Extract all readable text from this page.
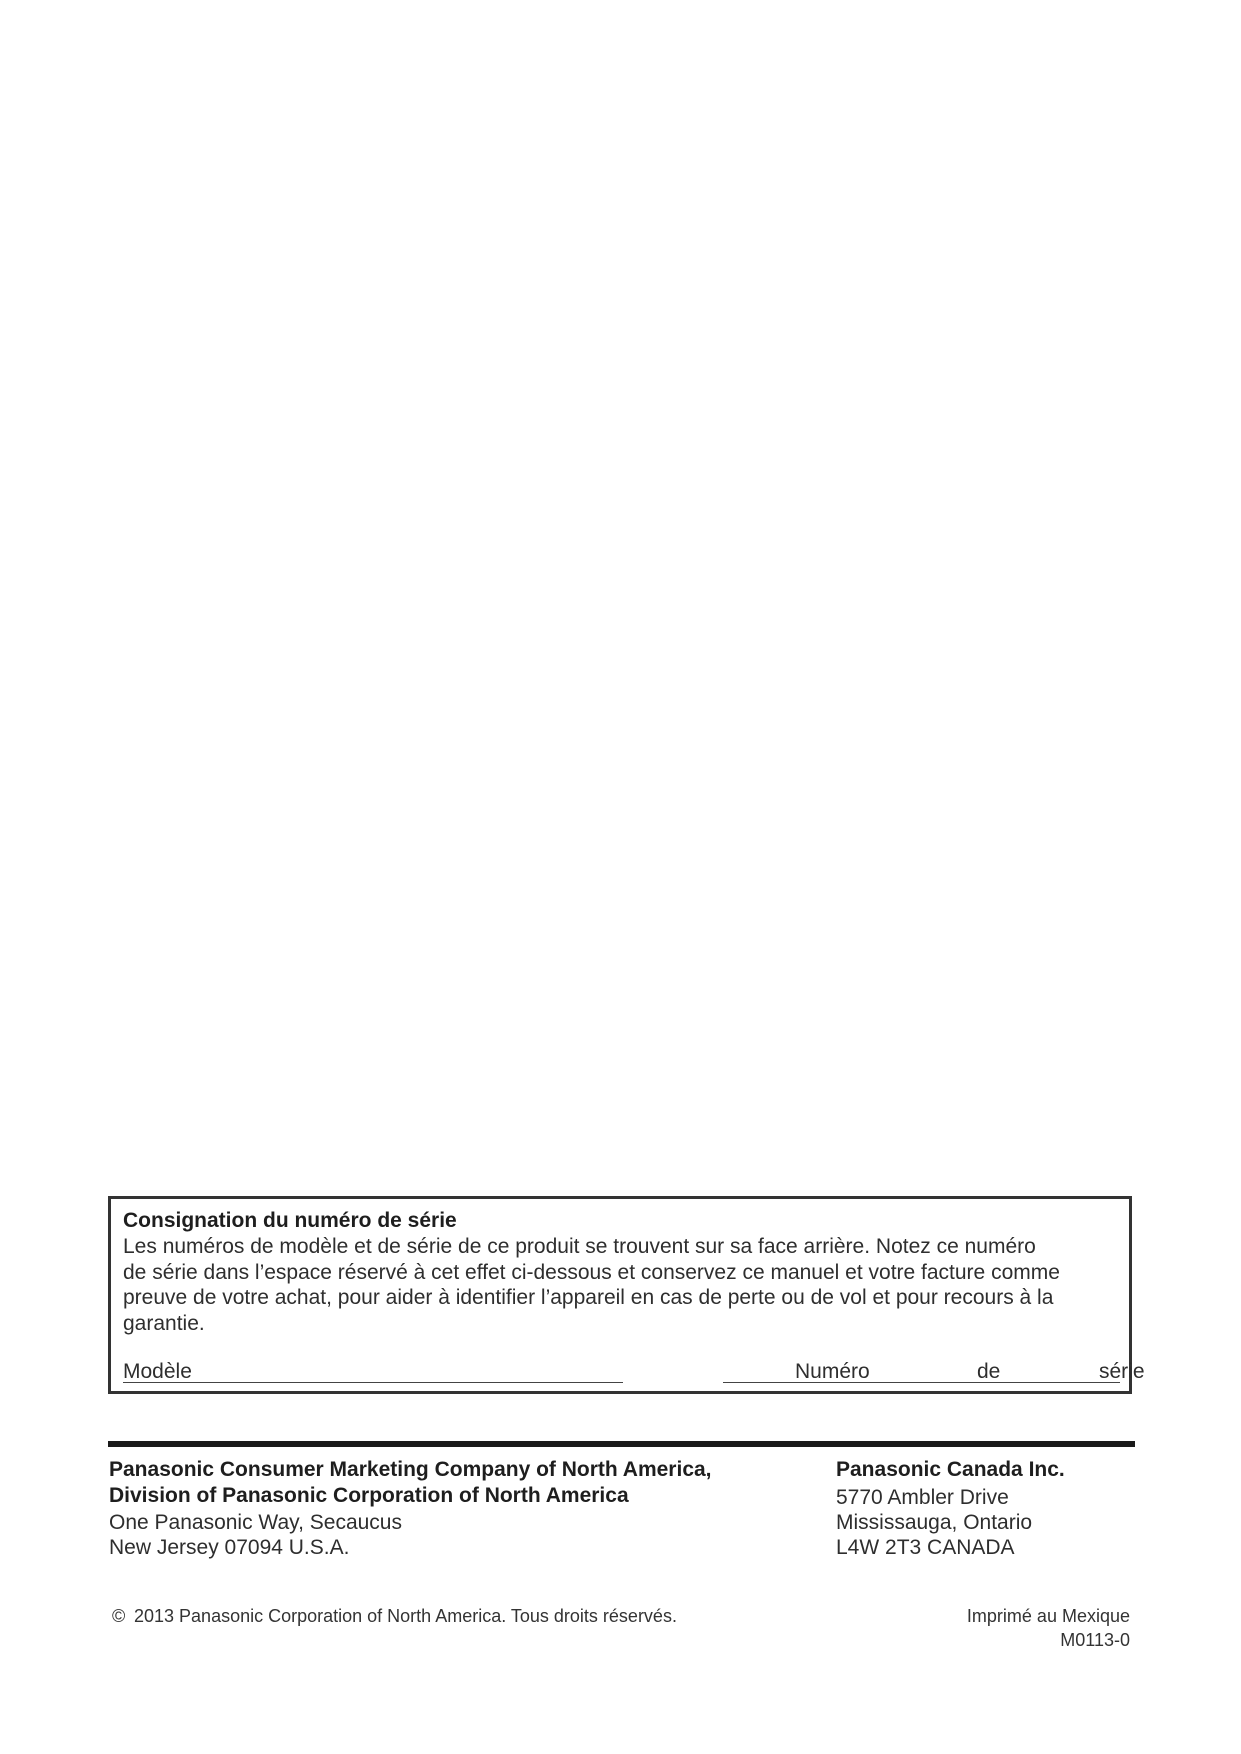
Consignation du numéro de série
Les numéros de modèle et de série de ce produit se trouvent sur sa face arrière. Notez ce numéro
de série dans l’espace réservé à cet effet ci-dessous et conservez ce manuel et votre facture comme
preuve de votre achat, pour aider à identifier l’appareil en cas de perte ou de vol et pour recours à la
garantie.
Modèle	Numéro	de	série
Panasonic Consumer Marketing Company of North America,
Division of Panasonic Corporation of North America
One Panasonic Way, Secaucus
New Jersey 07094 U.S.A.
Panasonic Canada Inc.
5770 Ambler Drive
Mississauga, Ontario
L4W 2T3 CANADA
© 2013 Panasonic Corporation of North America. Tous droits réservés.	Imprimé au Mexique
M0113-0
